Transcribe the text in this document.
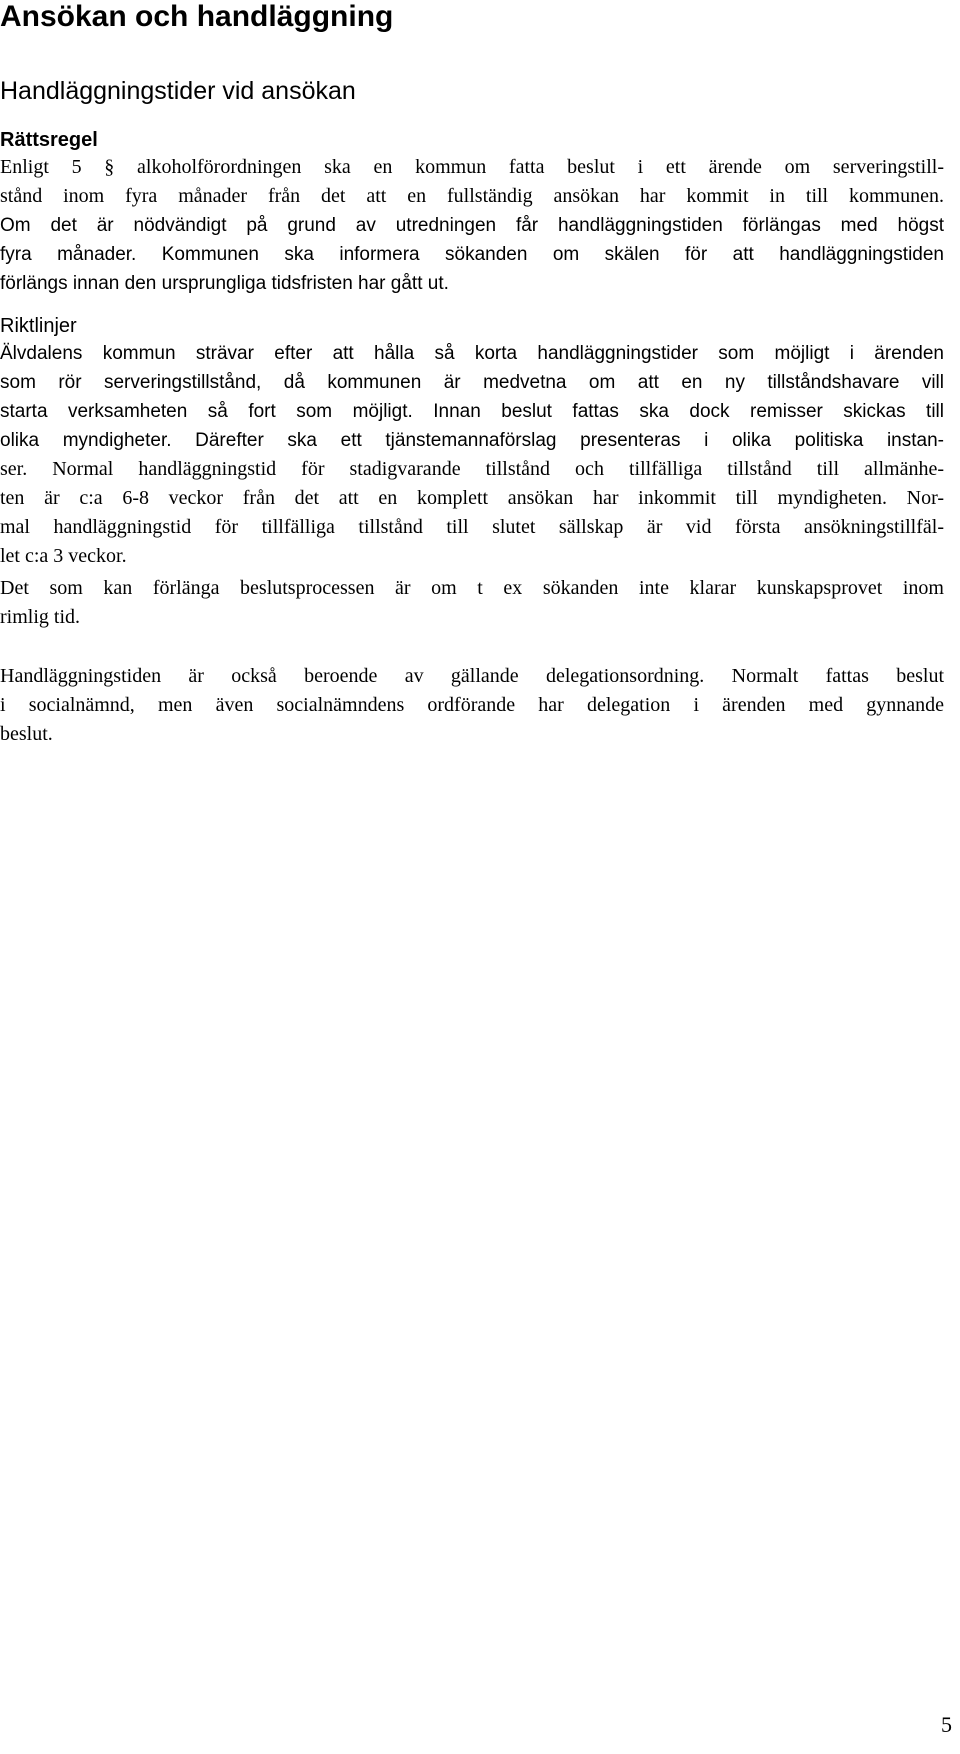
Ansökan och handläggning
Handläggningstider vid ansökan
Rättsregel
Enligt 5 § alkoholförordningen ska en kommun fatta beslut i ett ärende om serveringstill-
stånd inom fyra månader från det att en fullständig ansökan har kommit in till kommunen.
Om det är nödvändigt på grund av utredningen får handläggningstiden förlängas med högst
fyra månader. Kommunen ska informera sökanden om skälen för att handläggningstiden
förlängs innan den ursprungliga tidsfristen har gått ut.
Riktlinjer
Älvdalens kommun strävar efter att hålla så korta handläggningstider som möjligt i ärenden
som rör serveringstillstånd, då kommunen är medvetna om att en ny tillståndshavare vill
starta verksamheten så fort som möjligt. Innan beslut fattas ska dock remisser skickas till
olika myndigheter. Därefter ska ett tjänstemannaförslag presenteras i olika politiska instan-
ser. Normal handläggningstid för stadigvarande tillstånd och tillfälliga tillstånd till allmänhe-
ten är c:a 6-8 veckor från det att en komplett ansökan har inkommit till myndigheten. Nor-
mal handläggningstid för tillfälliga tillstånd till slutet sällskap är vid första ansökningstillfäl-
let c:a 3 veckor.
Det som kan förlänga beslutsprocessen är om t ex sökanden inte klarar kunskapsprovet inom
rimlig tid.
Handläggningstiden är också beroende av gällande delegationsordning. Normalt fattas beslut
i socialnämnd, men även socialnämndens ordförande har delegation i ärenden med gynnande
beslut.
5
